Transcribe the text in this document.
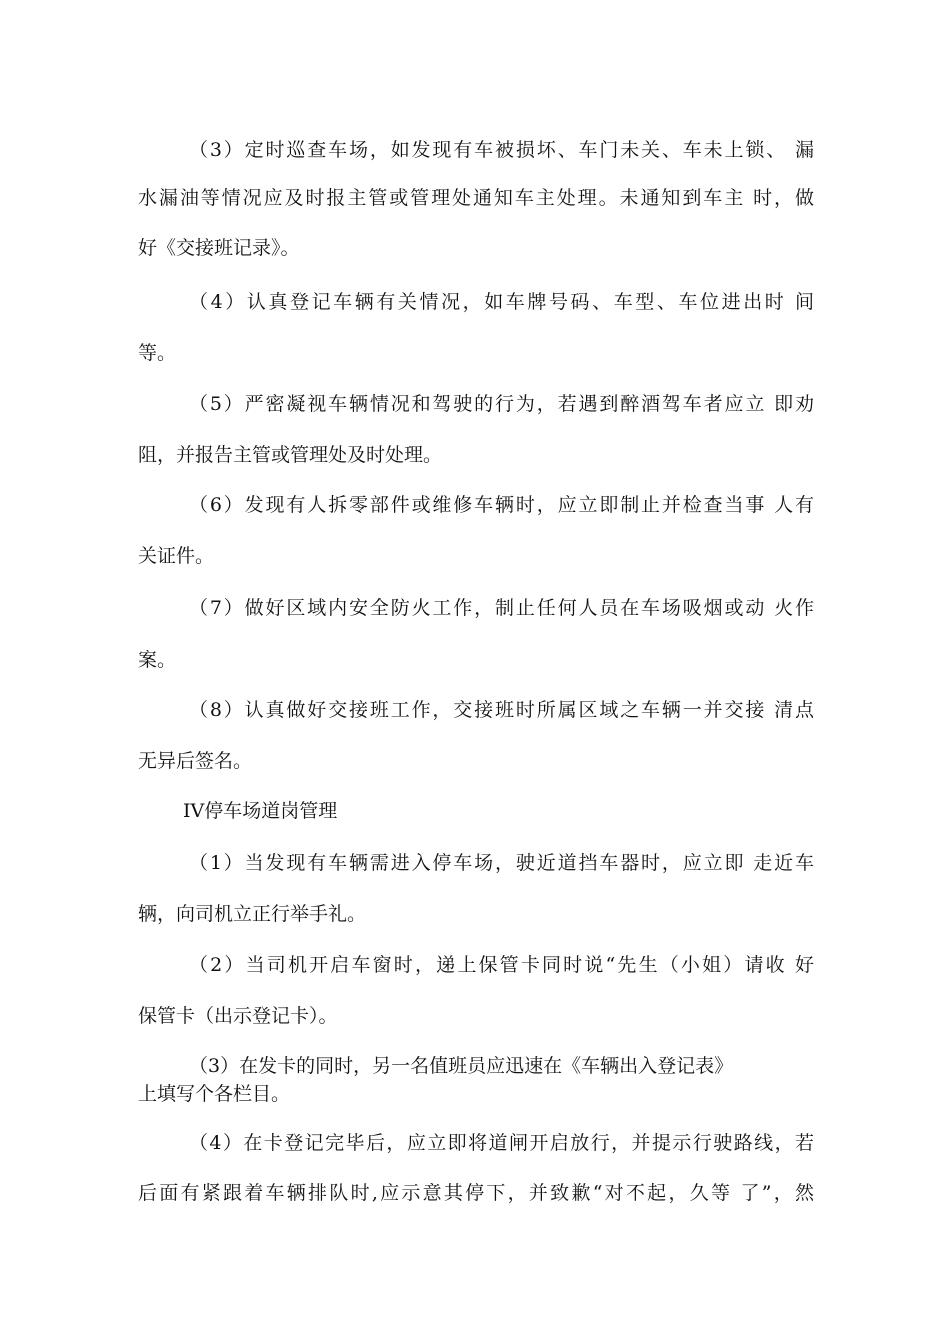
（3）定时巡查车场，如发现有车被损坏、车门未关、车未上锁、 漏
水漏油等情况应及时报主管或管理处通知车主处理。未通知到车主 时，做
好《交接班记录》。
（4）认真登记车辆有关情况，如车牌号码、车型、车位进出时 间
等。
（5）严密凝视车辆情况和驾驶的行为，若遇到醉酒驾车者应立 即劝
阻，并报告主管或管理处及时处理。
（6）发现有人拆零部件或维修车辆时，应立即制止并检查当事 人有
关证件。
（7）做好区域内安全防火工作，制止任何人员在车场吸烟或动 火作
案。
（8）认真做好交接班工作，交接班时所属区域之车辆一并交接 清点
无异后签名。
IV停车场道岗管理
（1）当发现有车辆需进入停车场，驶近道挡车器时，应立即 走近车
辆，向司机立正行举手礼。
（2）当司机开启车窗时，递上保管卡同时说“先生（小姐）请收 好
保管卡（出示登记卡）。
（3）在发卡的同时，另一名值班员应迅速在《车辆出入登记表》
上填写个各栏目。
（4）在卡登记完毕后，应立即将道闸开启放行，并提示行驶路线，若
后面有紧跟着车辆排队时,应示意其停下，并致歉“对不起，久等 了”，然
